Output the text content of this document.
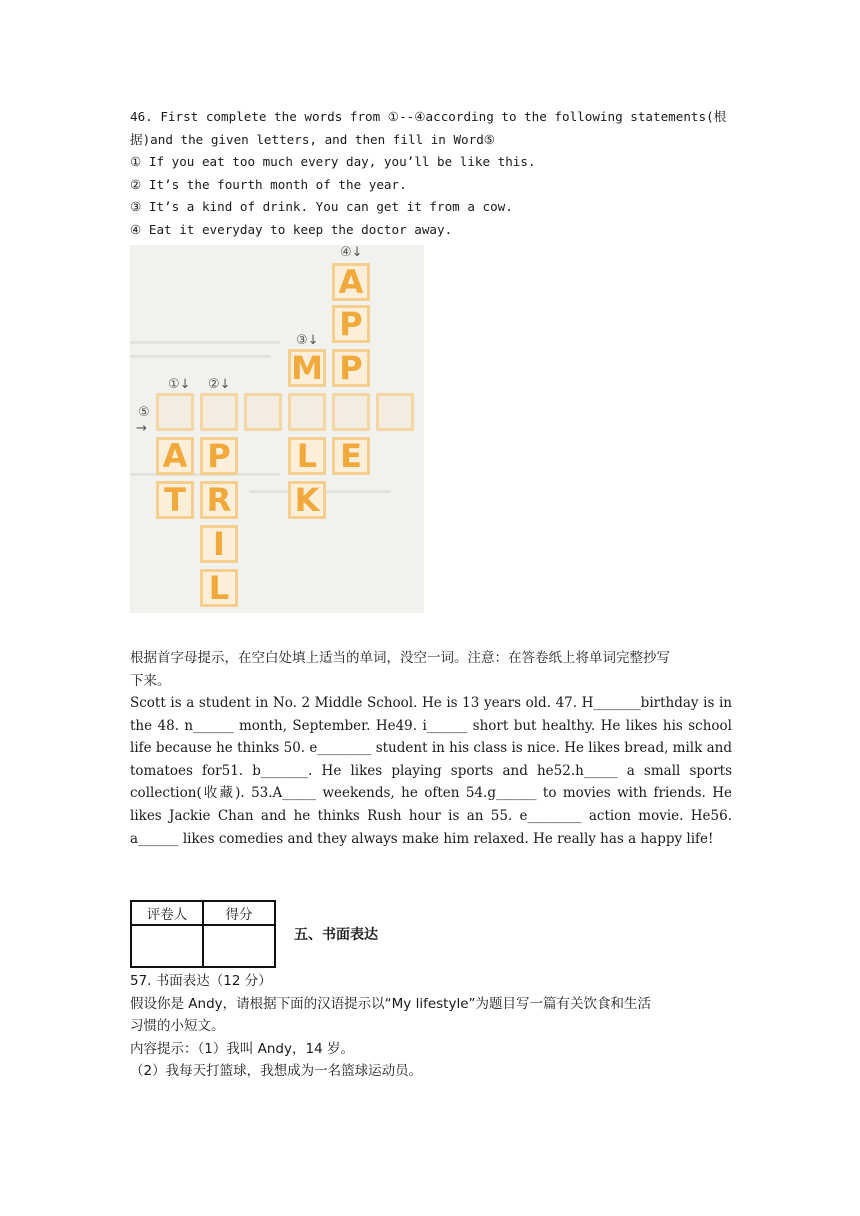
46. First complete the words from ①--④according to the following statements(根
据)and the given letters, and then fill in Word⑤
① If you eat too much every day, you’ll be like this.
② It’s the fourth month of the year.
③ It’s a kind of drink. You can get it from a cow.
④ Eat it everyday to keep the doctor away.
④↓
③↓
①↓ ②↓
⑤
→
A
P
P
E
M
L
K
A
T
P
R
I
L
根据首字母提示，在空白处填上适当的单词，没空一词。注意：在答卷纸上将单词完整抄写
下来。
Scott is a student in No. 2 Middle School. He is 13 years old. 47. H_______birthday is in the 48. n______ month, September. He49. i______ short but healthy. He likes his school life because he thinks 50. e________ student in his class is nice. He likes bread, milk and tomatoes for51. b_______. He likes playing sports and he52.h_____ a small sports collection(收藏). 53.A_____ weekends, he often 54.g______ to movies with friends. He likes Jackie Chan and he thinks Rush hour is an 55. e________ action movie. He56. a______ likes comedies and they always make him relaxed. He really has a happy life!
评卷人	得分

五、书面表达
57. 书面表达（12 分）
假设你是 Andy，请根据下面的汉语提示以“My lifestyle”为题目写一篇有关饮食和生活
习惯的小短文。
内容提示：（1）我叫 Andy，14 岁。
（2）我每天打篮球，我想成为一名篮球运动员。
